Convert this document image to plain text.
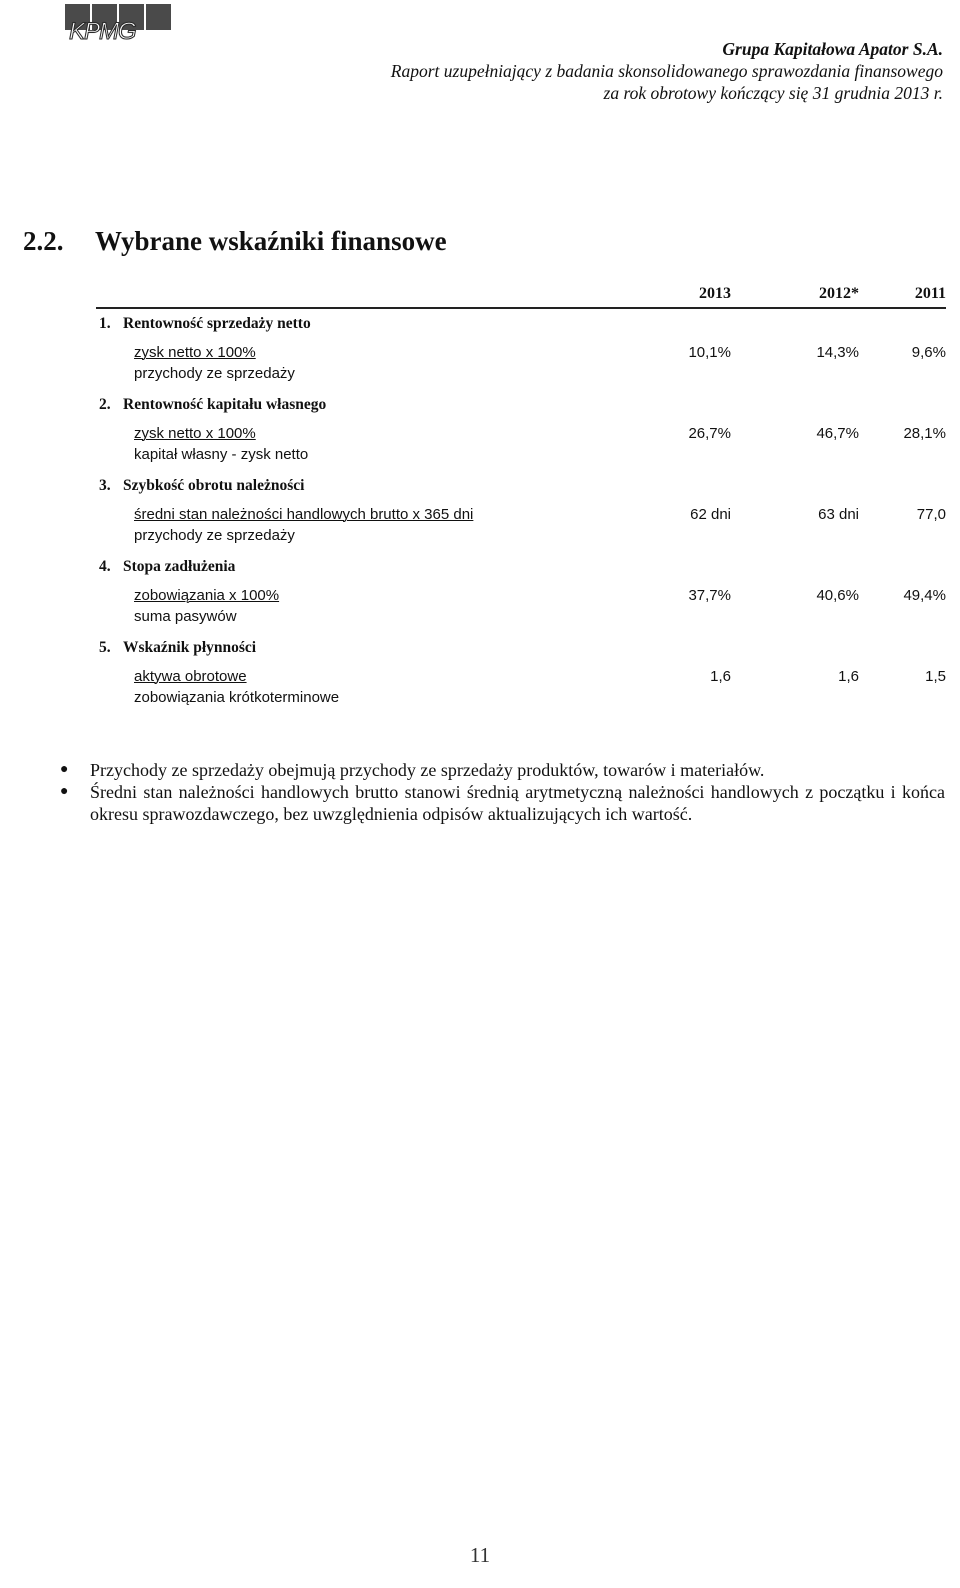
KPMG
Grupa Kapitałowa Apator S.A.
Raport uzupełniający z badania skonsolidowanego sprawozdania finansowego
za rok obrotowy kończący się 31 grudnia 2013 r.
2.2. Wybrane wskaźniki finansowe
2013	2012*	2011
1. Rentowność sprzedaży netto
zysk netto x 100%
przychody ze sprzedaży
10,1%	14,3%	9,6%
2. Rentowność kapitału własnego
zysk netto x 100%
kapitał własny - zysk netto
26,7%	46,7%	28,1%
3. Szybkość obrotu należności
średni stan należności handlowych brutto x 365 dni
przychody ze sprzedaży
62 dni	63 dni	77,0
4. Stopa zadłużenia
zobowiązania x 100%
suma pasywów
37,7%	40,6%	49,4%
5. Wskaźnik płynności
aktywa obrotowe
zobowiązania krótkoterminowe
1,6	1,6	1,5
● Przychody ze sprzedaży obejmują przychody ze sprzedaży produktów, towarów i materiałów.
● Średni stan należności handlowych brutto stanowi średnią arytmetyczną należności handlowych z początku i końca okresu sprawozdawczego, bez uwzględnienia odpisów aktualizujących ich wartość.
11
